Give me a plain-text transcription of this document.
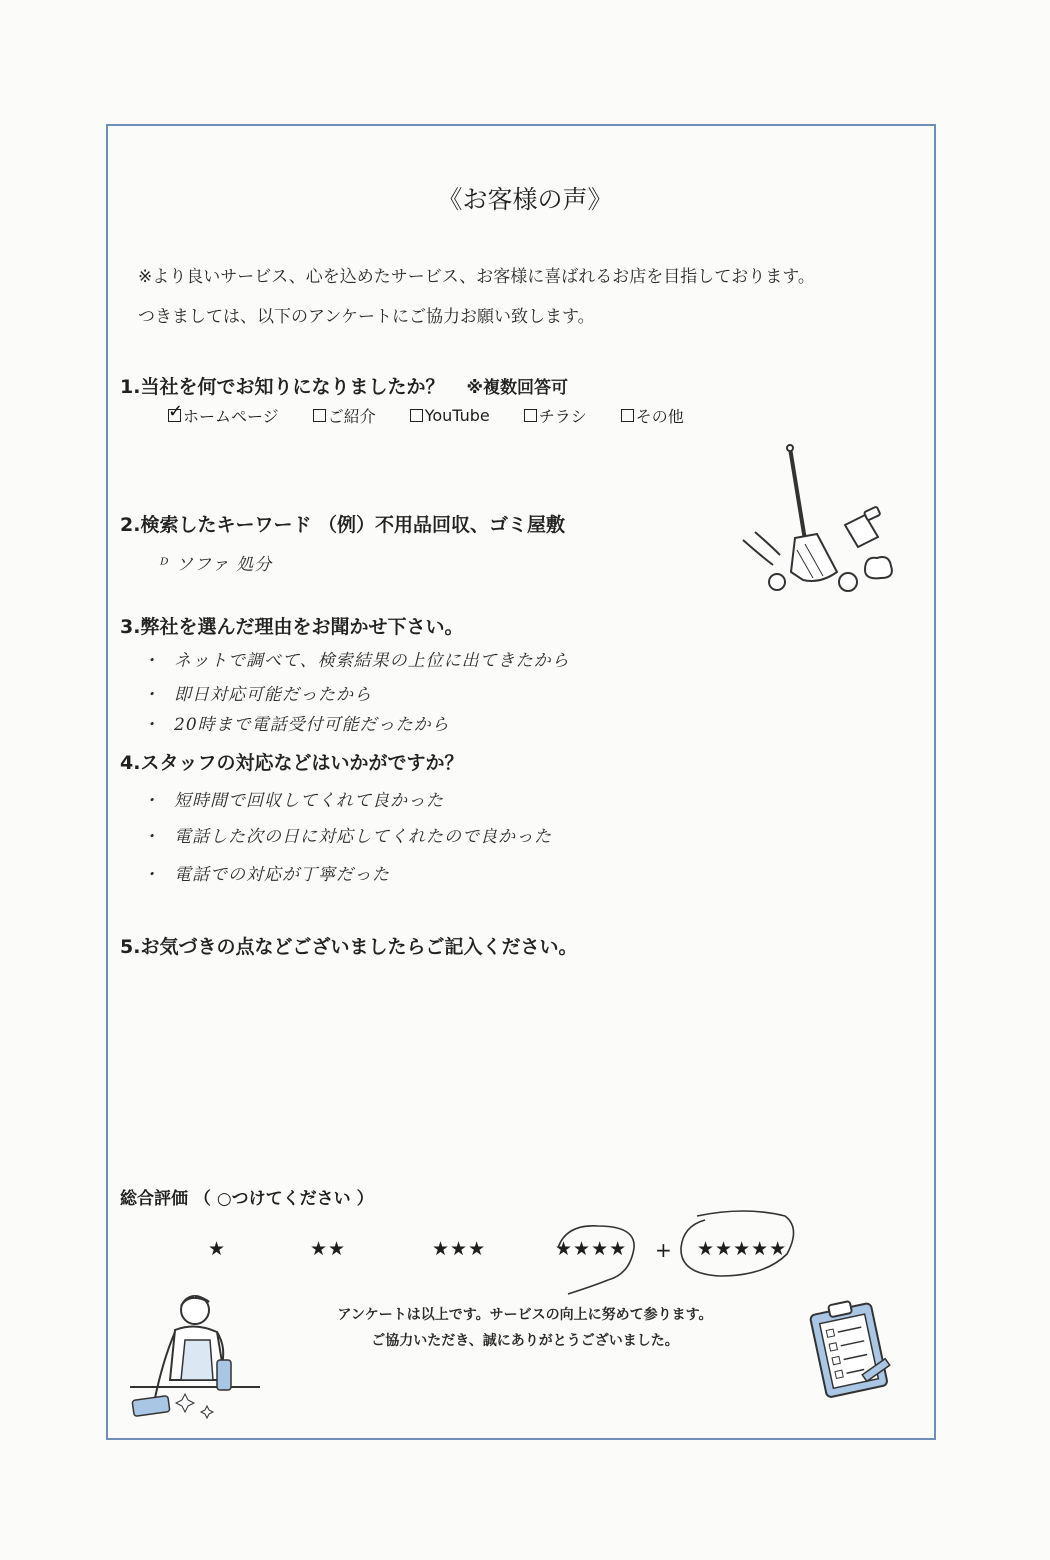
《お客様の声》
※より良いサービス、心を込めたサービス、お客様に喜ばれるお店を目指しております。
つきましては、以下のアンケートにご協力お願い致します。
1.当社を何でお知りになりましたか？ ※複数回答可
✓
ホームページ	ご紹介	YouTube	チラシ	その他
2.検索したキーワード （例）不用品回収、ゴミ屋敷
ᴰ ソファ 処分
3.弊社を選んだ理由をお聞かせ下さい。
・ ネットで調べて、検索結果の上位に出てきたから
・ 即日対応可能だったから
・ 20時まで電話受付可能だったから
4.スタッフの対応などはいかがですか？
・ 短時間で回収してくれて良かった
・ 電話した次の日に対応してくれたので良かった
・ 電話での対応が丁寧だった
5.お気づきの点などございましたらご記入ください。
総合評価 （ ○つけてください ）
★	★★	★★★	★★★★ + ★★★★★
アンケートは以上です。サービスの向上に努めて参ります。
ご協力いただき、誠にありがとうございました。
